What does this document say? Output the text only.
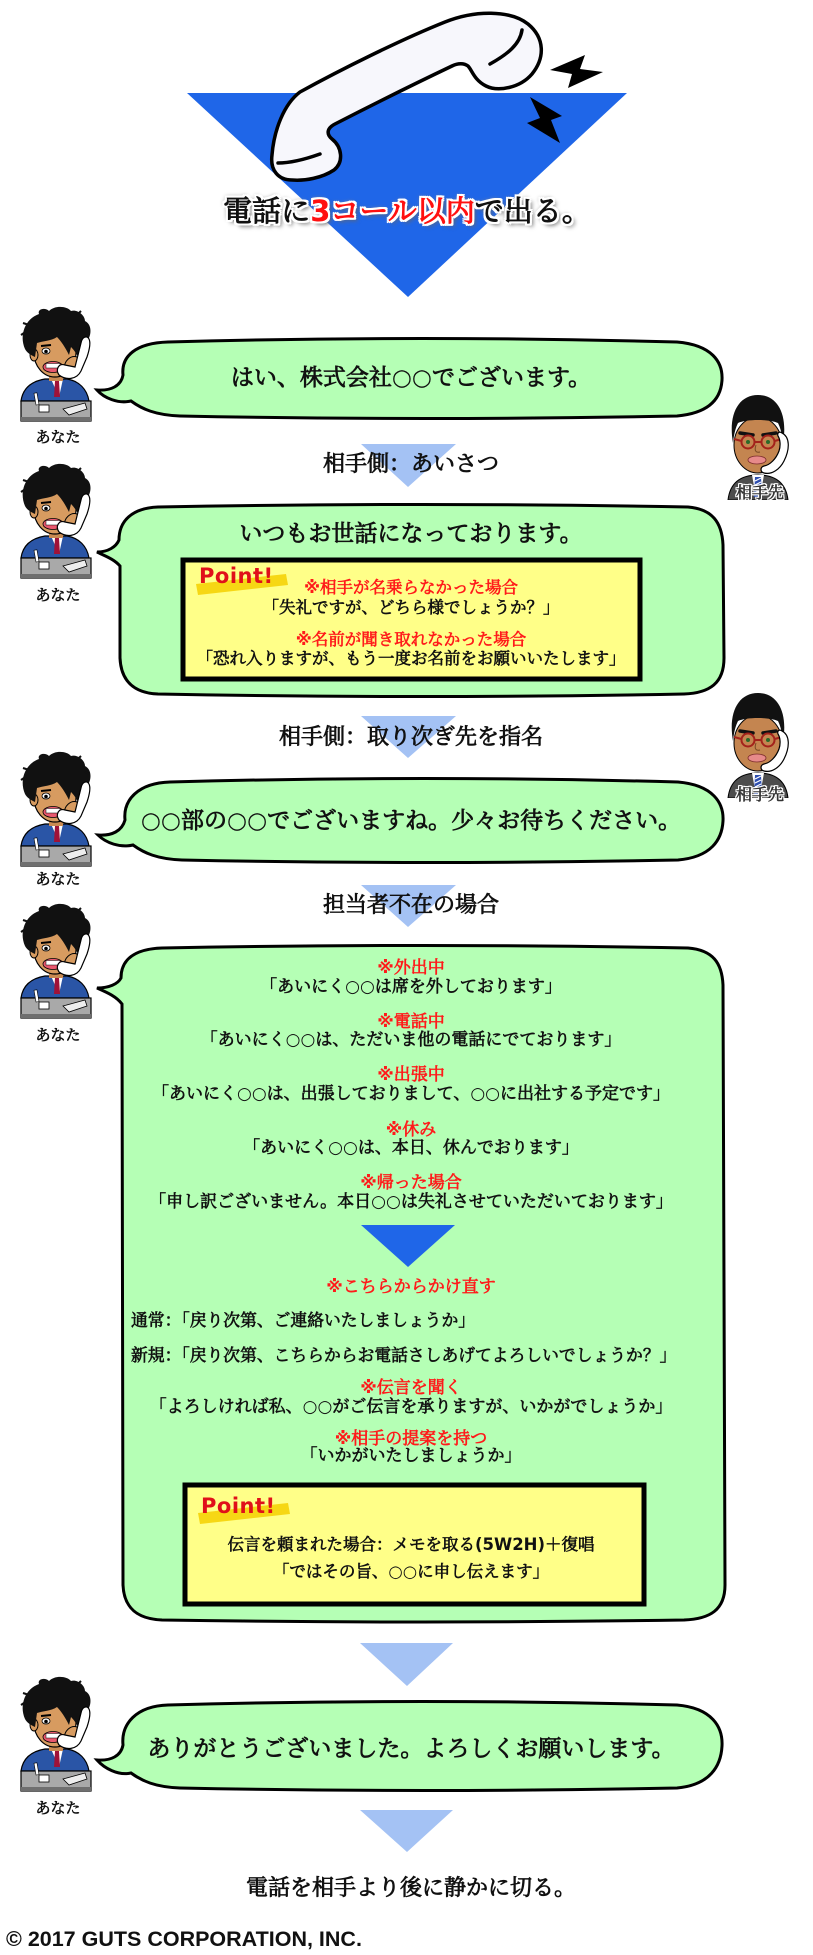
電話に3コール以内で出る。
あなた
相手先
あなた
相手先
あなた
あなた
あなた
はい、株式会社○○でございます。
相手側：あいさつ
いつもお世話になっております。
Point! ※相手が名乗らなかった場合
「失礼ですが、どちら様でしょうか？」
※名前が聞き取れなかった場合
「恐れ入りますが、もう一度お名前をお願いいたします」
相手側：取り次ぎ先を指名
○○部の○○でございますね。少々お待ちください。
担当者不在の場合
※外出中
「あいにく○○は席を外しております」
※電話中
「あいにく○○は、ただいま他の電話にでております」
※出張中
「あいにく○○は、出張しておりまして、○○に出社する予定です」
※休み
「あいにく○○は、本日、休んでおります」
※帰った場合
「申し訳ございません。本日○○は失礼させていただいております」
※こちらからかけ直す
通常：「戻り次第、ご連絡いたしましょうか」
新規：「戻り次第、こちらからお電話さしあげてよろしいでしょうか？」
※伝言を聞く
「よろしければ私、○○がご伝言を承りますが、いかがでしょうか」
※相手の提案を持つ
「いかがいたしましょうか」
Point!
伝言を頼まれた場合：メモを取る(5W2H)＋復唱
「ではその旨、○○に申し伝えます」
ありがとうございました。よろしくお願いします。
電話を相手より後に静かに切る。
© 2017 GUTS CORPORATION, INC.
